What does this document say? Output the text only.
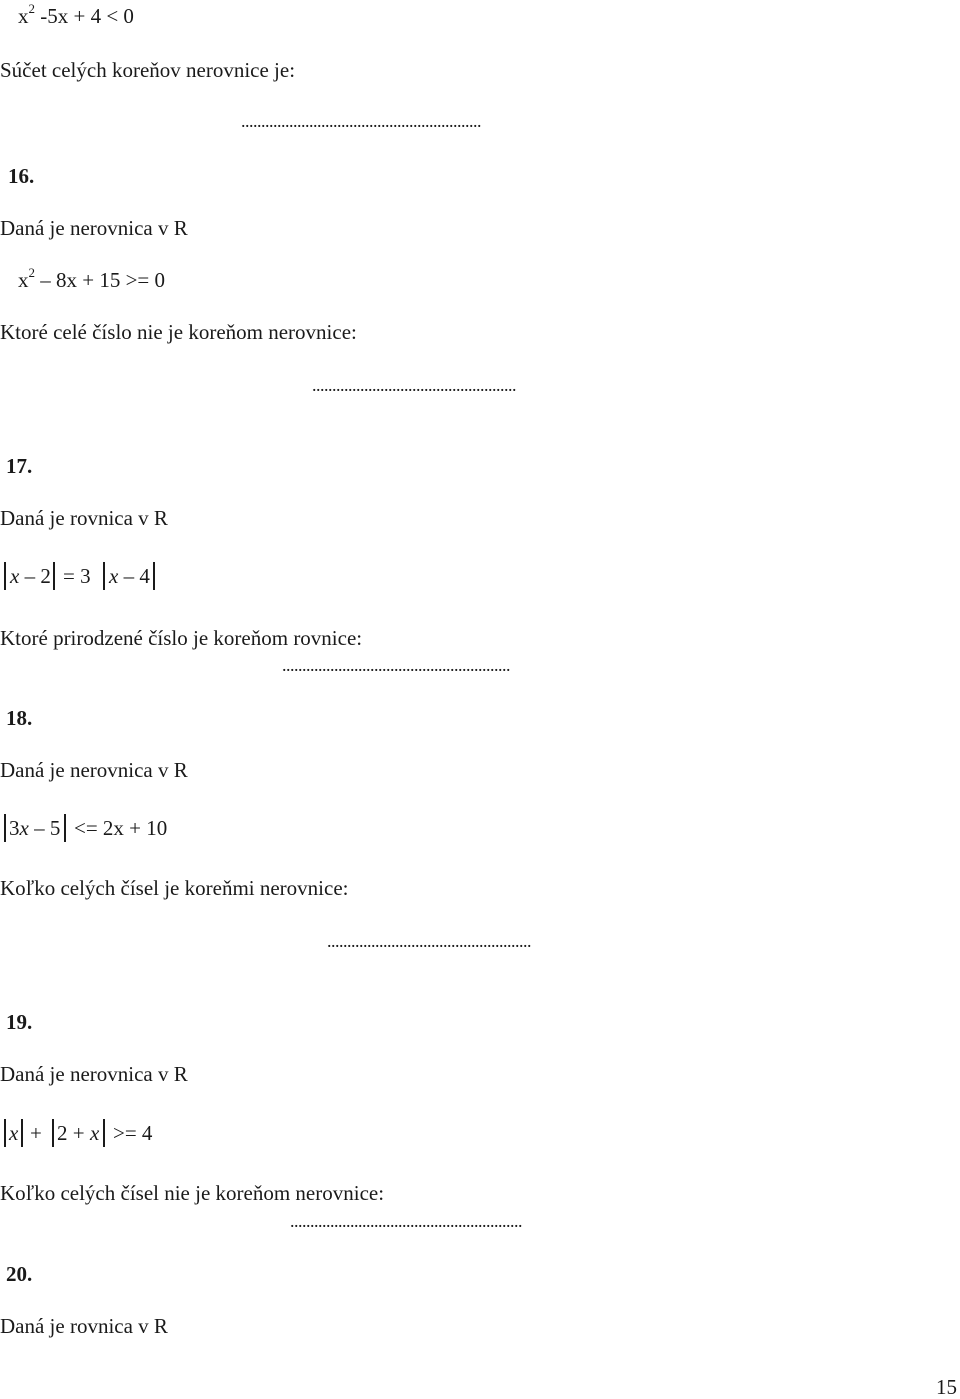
$x^2$ -5x + 4 < 0
Súčet celých koreňov nerovnice je:
............................................................
16.
Daná je nerovnica v R
$x^2 - 8x + 15 >= 0$
Ktoré celé číslo nie je koreňom nerovnice:
...................................................
17.
Daná je rovnica v R
x – 2 = 3 x – 4
Ktoré prirodzené číslo je koreňom rovnice:
.........................................................
18.
Daná je nerovnica v R
3x – 5 <= 2x + 10
Koľko celých čísel je koreňmi nerovnice:
...................................................
19.
Daná je nerovnica v R
x + 2 + x >= 4
Koľko celých čísel nie je koreňom nerovnice:
..........................................................
20.
Daná je rovnica v R
15
